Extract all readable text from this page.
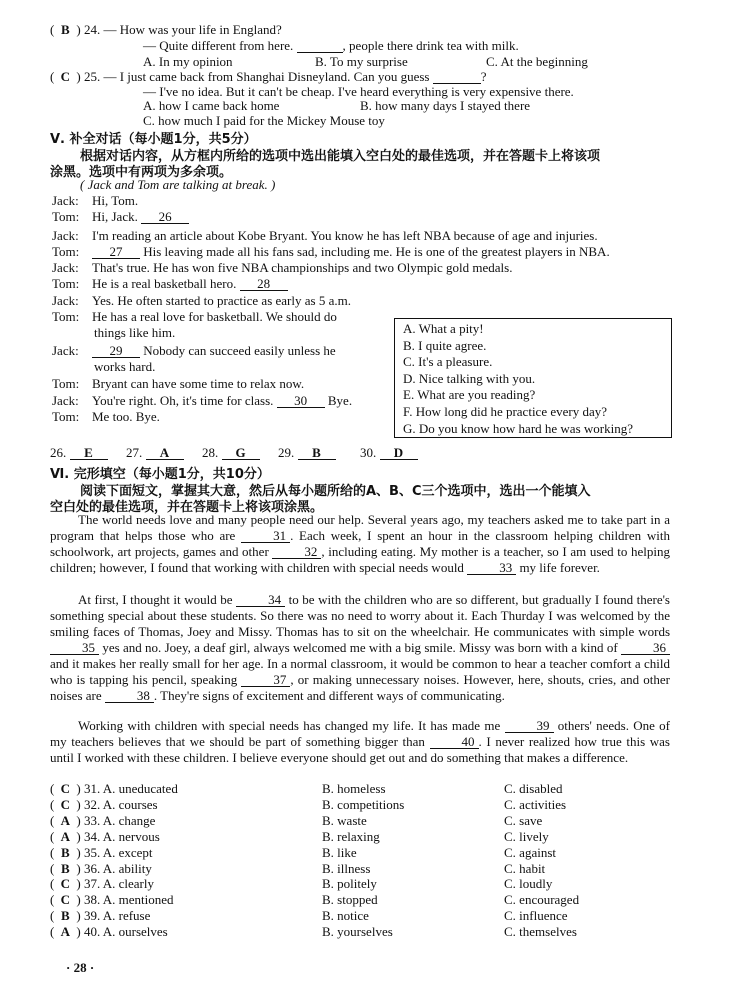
( B ) 24. — How was your life in England?
— Quite different from here.	, people there drink tea with milk.
A. In my opinion	B. To my surprise	C. At the beginning
( C ) 25. — I just came back from Shanghai Disneyland. Can you guess	?
— I've no idea. But it can't be cheap. I've heard everything is very expensive there.
A. how I came back home	B. how many days I stayed there
C. how much I paid for the Mickey Mouse toy
Ⅴ. 补全对话（每小题1分，共5分）
根据对话内容，从方框内所给的选项中选出能填入空白处的最佳选项，并在答题卡上将该项
涂黑。选项中有两项为多余项。
( Jack and Tom are talking at break. )
Jack: Hi, Tom.
Tom: Hi, Jack. 26
Jack: I'm reading an article about Kobe Bryant. You know he has left NBA because of age and injuries.
Tom: 27 His leaving made all his fans sad, including me. He is one of the greatest players in NBA.
Jack: That's true. He has won five NBA championships and two Olympic gold medals.
Tom: He is a real basketball hero. 28
Jack: Yes. He often started to practice as early as 5 a.m.
Tom: He has a real love for basketball. We should do
things like him.
Jack: 29 Nobody can succeed easily unless he
works hard.
Tom: Bryant can have some time to relax now.
Jack: You're right. Oh, it's time for class. 30 Bye.
Tom: Me too. Bye.
A. What a pity!
B. I quite agree.
C. It's a pleasure.
D. Nice talking with you.
E. What are you reading?
F. How long did he practice every day?
G. Do you know how hard he was working?
26. E	27. A	28. G 29. B	30. D
Ⅵ. 完形填空（每小题1分，共10分）
阅读下面短文，掌握其大意，然后从每小题所给的A、B、C三个选项中，选出一个能填入
空白处的最佳选项，并在答题卡上将该项涂黑。
The world needs love and many people need our help. Several years ago, my teachers asked me to take part in a program that helps those who are 31 . Each week, I spent an hour in the classroom helping children with schoolwork, art projects, games and other 32 , including eating. My mother is a teacher, so I am used to helping children; however, I found that working with children with special needs would 33 my life forever.
At first, I thought it would be 34 to be with the children who are so different, but gradually I found there's something special about these students. So there was no need to worry about it. Each Thurday I was welcomed by the smiling faces of Thomas, Joey and Missy. Thomas has to sit on the wheelchair. He communicates with simple words 35 yes and no. Joey, a deaf girl, always welcomed me with a big smile. Missy was born with a kind of 36 and it makes her really small for her age. In a normal classroom, it would be common to hear a teacher comfort a child who is tapping his pencil, speaking 37 , or making unnecessary noises. However, here, shouts, cries, and other noises are 38 . They're signs of excitement and different ways of communicating.
Working with children with special needs has changed my life. It has made me 39 others' needs. One of my teachers believes that we should be part of something bigger than 40 . I never realized how true this was until I worked with these children. I believe everyone should get out and do something that makes a difference.
( C ) 31. A. uneducated	B. homeless	C. disabled
( C ) 32. A. courses	B. competitions	C. activities
( A ) 33. A. change	B. waste	C. save
( A ) 34. A. nervous	B. relaxing	C. lively
( B ) 35. A. except	B. like	C. against
( B ) 36. A. ability	B. illness	C. habit
( C ) 37. A. clearly	B. politely	C. loudly
( C ) 38. A. mentioned	B. stopped	C. encouraged
( B ) 39. A. refuse	B. notice	C. influence
( A ) 40. A. ourselves	B. yourselves	C. themselves
· 28 ·
